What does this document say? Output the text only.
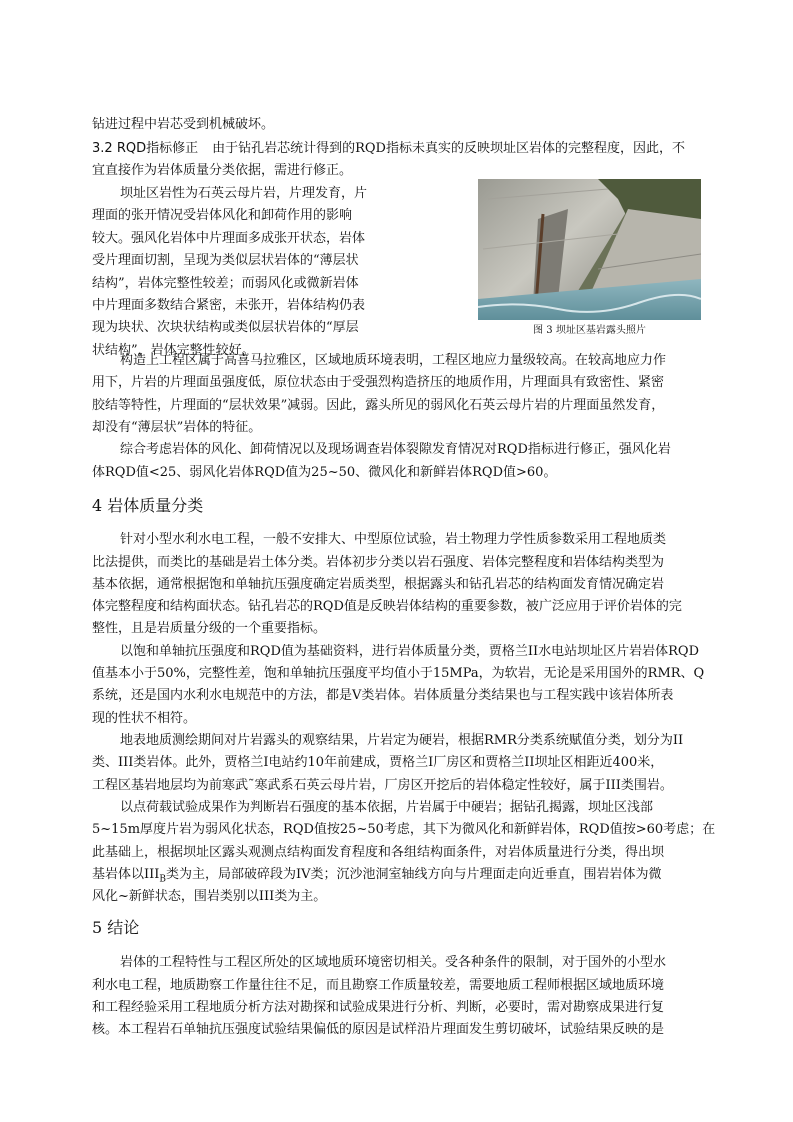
钻进过程中岩芯受到机械破坏。
3.2 RQD指标修正 由于钻孔岩芯统计得到的RQD指标未真实的反映坝址区岩体的完整程度，因此，不
宜直接作为岩体质量分类依据，需进行修正。
坝址区岩性为石英云母片岩，片理发育，片
理面的张开情况受岩体风化和卸荷作用的影响
较大。强风化岩体中片理面多成张开状态，岩体
受片理面切割，呈现为类似层状岩体的“薄层状
结构”，岩体完整性较差；而弱风化或微新岩体
中片理面多数结合紧密，未张开，岩体结构仍表
现为块状、次块状结构或类似层状岩体的“厚层
状结构”，岩体完整性较好。
图 3 坝址区基岩露头照片
构造上工程区属于高喜马拉雅区，区域地质环境表明，工程区地应力量级较高。在较高地应力作
用下，片岩的片理面虽强度低，原位状态由于受强烈构造挤压的地质作用，片理面具有致密性、紧密
胶结等特性，片理面的“层状效果”减弱。因此，露头所见的弱风化石英云母片岩的片理面虽然发育，
却没有“薄层状”岩体的特征。
综合考虑岩体的风化、卸荷情况以及现场调查岩体裂隙发育情况对RQD指标进行修正，强风化岩
体RQD值<25、弱风化岩体RQD值为25~50、微风化和新鲜岩体RQD值>60。
4 岩体质量分类
针对小型水利水电工程，一般不安排大、中型原位试验，岩土物理力学性质参数采用工程地质类
比法提供，而类比的基础是岩土体分类。岩体初步分类以岩石强度、岩体完整程度和岩体结构类型为
基本依据，通常根据饱和单轴抗压强度确定岩质类型，根据露头和钻孔岩芯的结构面发育情况确定岩
体完整程度和结构面状态。钻孔岩芯的RQD值是反映岩体结构的重要参数，被广泛应用于评价岩体的完
整性，且是岩质量分级的一个重要指标。
以饱和单轴抗压强度和RQD值为基础资料，进行岩体质量分类，贾格兰II水电站坝址区片岩岩体RQD
值基本小于50%，完整性差，饱和单轴抗压强度平均值小于15MPa，为软岩，无论是采用国外的RMR、Q
系统，还是国内水利水电规范中的方法，都是V类岩体。岩体质量分类结果也与工程实践中该岩体所表
现的性状不相符。
地表地质测绘期间对片岩露头的观察结果，片岩定为硬岩，根据RMR分类系统赋值分类，划分为II
类、III类岩体。此外，贾格兰I电站约10年前建成，贾格兰I厂房区和贾格兰II坝址区相距近400米，
工程区基岩地层均为前寒武˜寒武系石英云母片岩，厂房区开挖后的岩体稳定性较好，属于III类围岩。
以点荷载试验成果作为判断岩石强度的基本依据，片岩属于中硬岩；据钻孔揭露，坝址区浅部
5~15m厚度片岩为弱风化状态，RQD值按25~50考虑，其下为微风化和新鲜岩体，RQD值按>60考虑；在
此基础上，根据坝址区露头观测点结构面发育程度和各组结构面条件，对岩体质量进行分类，得出坝
基岩体以$III_B$类为主，局部破碎段为IV类；沉沙池洞室轴线方向与片理面走向近垂直，围岩岩体为微
风化~新鲜状态，围岩类别以III类为主。
5 结论
岩体的工程特性与工程区所处的区域地质环境密切相关。受各种条件的限制，对于国外的小型水
利水电工程，地质勘察工作量往往不足，而且勘察工作质量较差，需要地质工程师根据区域地质环境
和工程经验采用工程地质分析方法对勘探和试验成果进行分析、判断，必要时，需对勘察成果进行复
核。本工程岩石单轴抗压强度试验结果偏低的原因是试样沿片理面发生剪切破坏，试验结果反映的是
